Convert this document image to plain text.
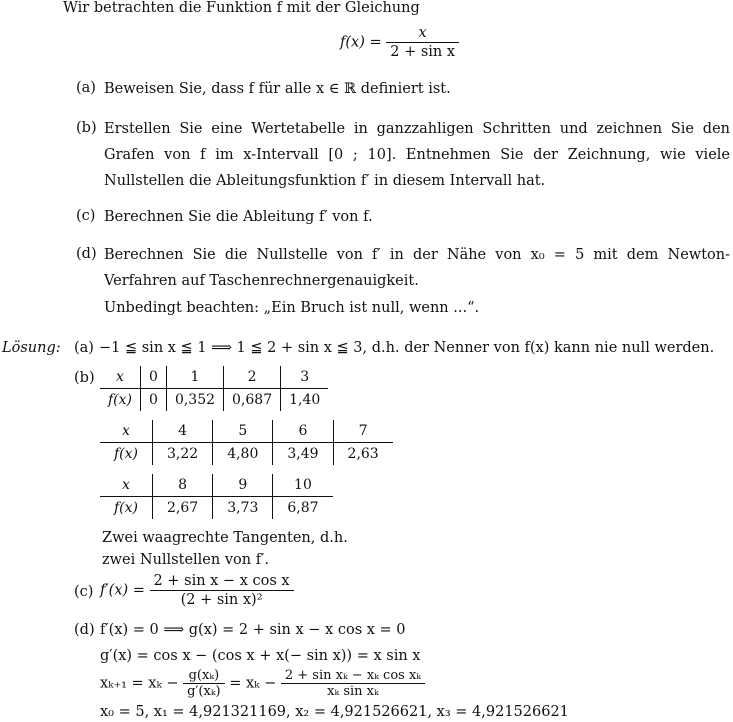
Wir betrachten die Funktion f mit der Gleichung
$f(x) = \frac{x}{\text{2 + sin x}}$
(a) Beweisen Sie, dass f für alle x ∈ ℝ definiert ist.
(b) Erstellen Sie eine Wertetabelle in ganzzahligen Schritten und zeichnen Sie den Grafen von f im x-Intervall [0 ; 10]. Entnehmen Sie der Zeichnung, wie viele Nullstellen die Ableitungsfunktion f′ in diesem Intervall hat.
(c) Berechnen Sie die Ableitung f′ von f.
(d) Berechnen Sie die Nullstelle von f′ in der Nähe von x₀ = 5 mit dem Newton-Verfahren auf Taschenrechnergenauigkeit.
Unbedingt beachten: „Ein Bruch ist null, wenn ...“.
Lösung: (a) −1 ≦ sin x ≦ 1 ⟹ 1 ≦ 2 + sin x ≦ 3, d.h. der Nenner von f(x) kann nie null werden.
(b) x	0	1	2	3
f(x)	0	0,352	0,687	1,40
x	4	5	6	7
f(x)	3,22	4,80	3,49	2,63
x	8	9	10
f(x)	2,67	3,73	6,87
Zwei waagrechte Tangenten, d.h.
zwei Nullstellen von f′.
(c) $f'(x) = \frac{\text{2 + sin x − x cos x}}{\text{(2 + sin x)²}}$
(d) f′(x) = 0 ⟹ g(x) = 2 + sin x − x cos x = 0
g′(x) = cos x − (cos x + x(− sin x)) = x sin x
$x_{k+1} = x_k - \frac{\text{g(xₖ)}}{\text{g′(xₖ)}} = x_k - \frac{\text{2 + sin xₖ − xₖ cos xₖ}}{\text{xₖ sin xₖ}}$
x₀ = 5, x₁ = 4,921321169, x₂ = 4,921526621, x₃ = 4,921526621
